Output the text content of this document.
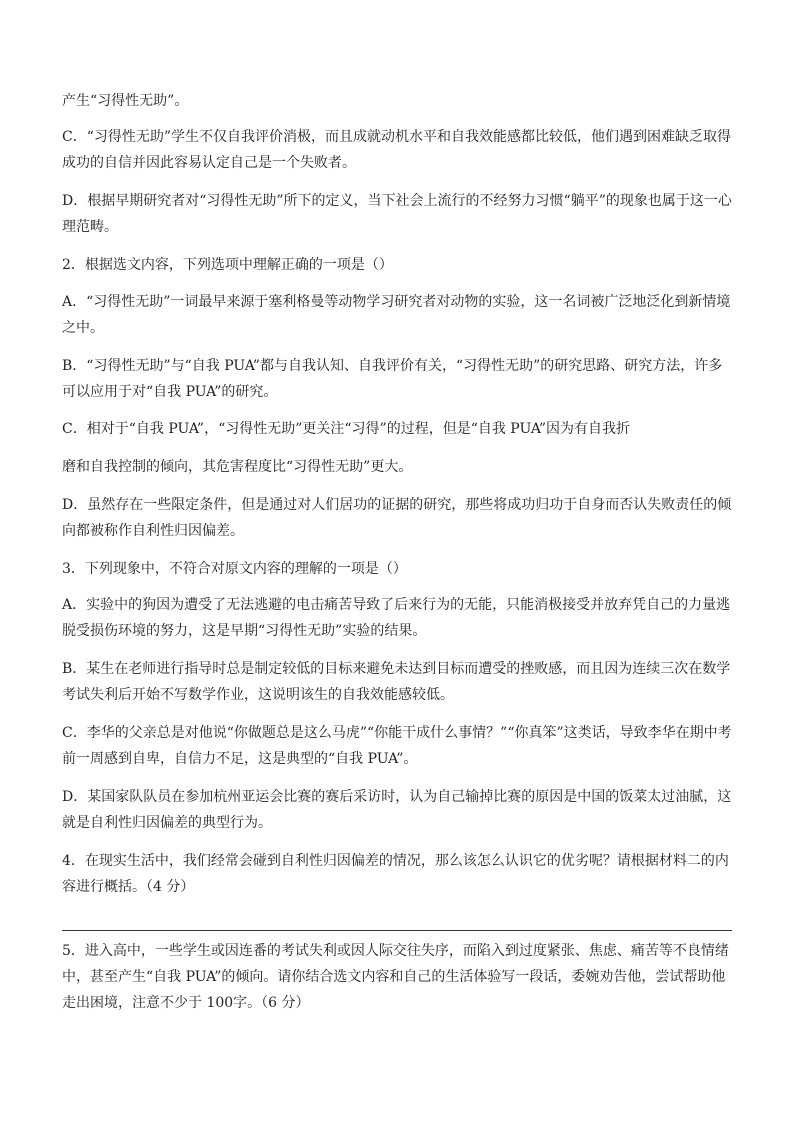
产生“习得性无助”。

C．“习得性无助”学生不仅自我评价消极，而且成就动机水平和自我效能感都比较低，他们遇到困难缺乏取得成功的自信并因此容易认定自己是一个失败者。

D．根据早期研究者对“习得性无助”所下的定义，当下社会上流行的不经努力习惯“躺平”的现象也属于这一心理范畴。

2．根据选文内容，下列选项中理解正确的一项是（）

A．“习得性无助”一词最早来源于塞利格曼等动物学习研究者对动物的实验，这一名词被广泛地泛化到新情境之中。

B．“习得性无助”与“自我 PUA”都与自我认知、自我评价有关，“习得性无助”的研究思路、研究方法，许多可以应用于对“自我 PUA”的研究。

C．相对于“自我 PUA”，“习得性无助”更关注“习得”的过程，但是“自我 PUA”因为有自我折

磨和自我控制的倾向，其危害程度比“习得性无助”更大。

D．虽然存在一些限定条件，但是通过对人们居功的证据的研究，那些将成功归功于自身而否认失败责任的倾向都被称作自利性归因偏差。

3．下列现象中，不符合对原文内容的理解的一项是（）

A．实验中的狗因为遭受了无法逃避的电击痛苦导致了后来行为的无能，只能消极接受并放弃凭自己的力量逃脱受损伤环境的努力，这是早期“习得性无助”实验的结果。

B．某生在老师进行指导时总是制定较低的目标来避免未达到目标而遭受的挫败感，而且因为连续三次在数学考试失利后开始不写数学作业，这说明该生的自我效能感较低。

C．李华的父亲总是对他说“你做题总是这么马虎”“你能干成什么事情？”“你真笨”这类话，导致李华在期中考前一周感到自卑，自信力不足，这是典型的“自我 PUA”。

D．某国家队队员在参加杭州亚运会比赛的赛后采访时，认为自己输掉比赛的原因是中国的饭菜太过油腻，这就是自利性归因偏差的典型行为。

4．在现实生活中，我们经常会碰到自利性归因偏差的情况，那么该怎么认识它的优劣呢？请根据材料二的内容进行概括。（4 分）

5．进入高中，一些学生或因连番的考试失利或因人际交往失序，而陷入到过度紧张、焦虑、痛苦等不良情绪中，甚至产生“自我 PUA”的倾向。请你结合选文内容和自己的生活体验写一段话，委婉劝告他，尝试帮助他走出困境，注意不少于 100字。（6 分）
